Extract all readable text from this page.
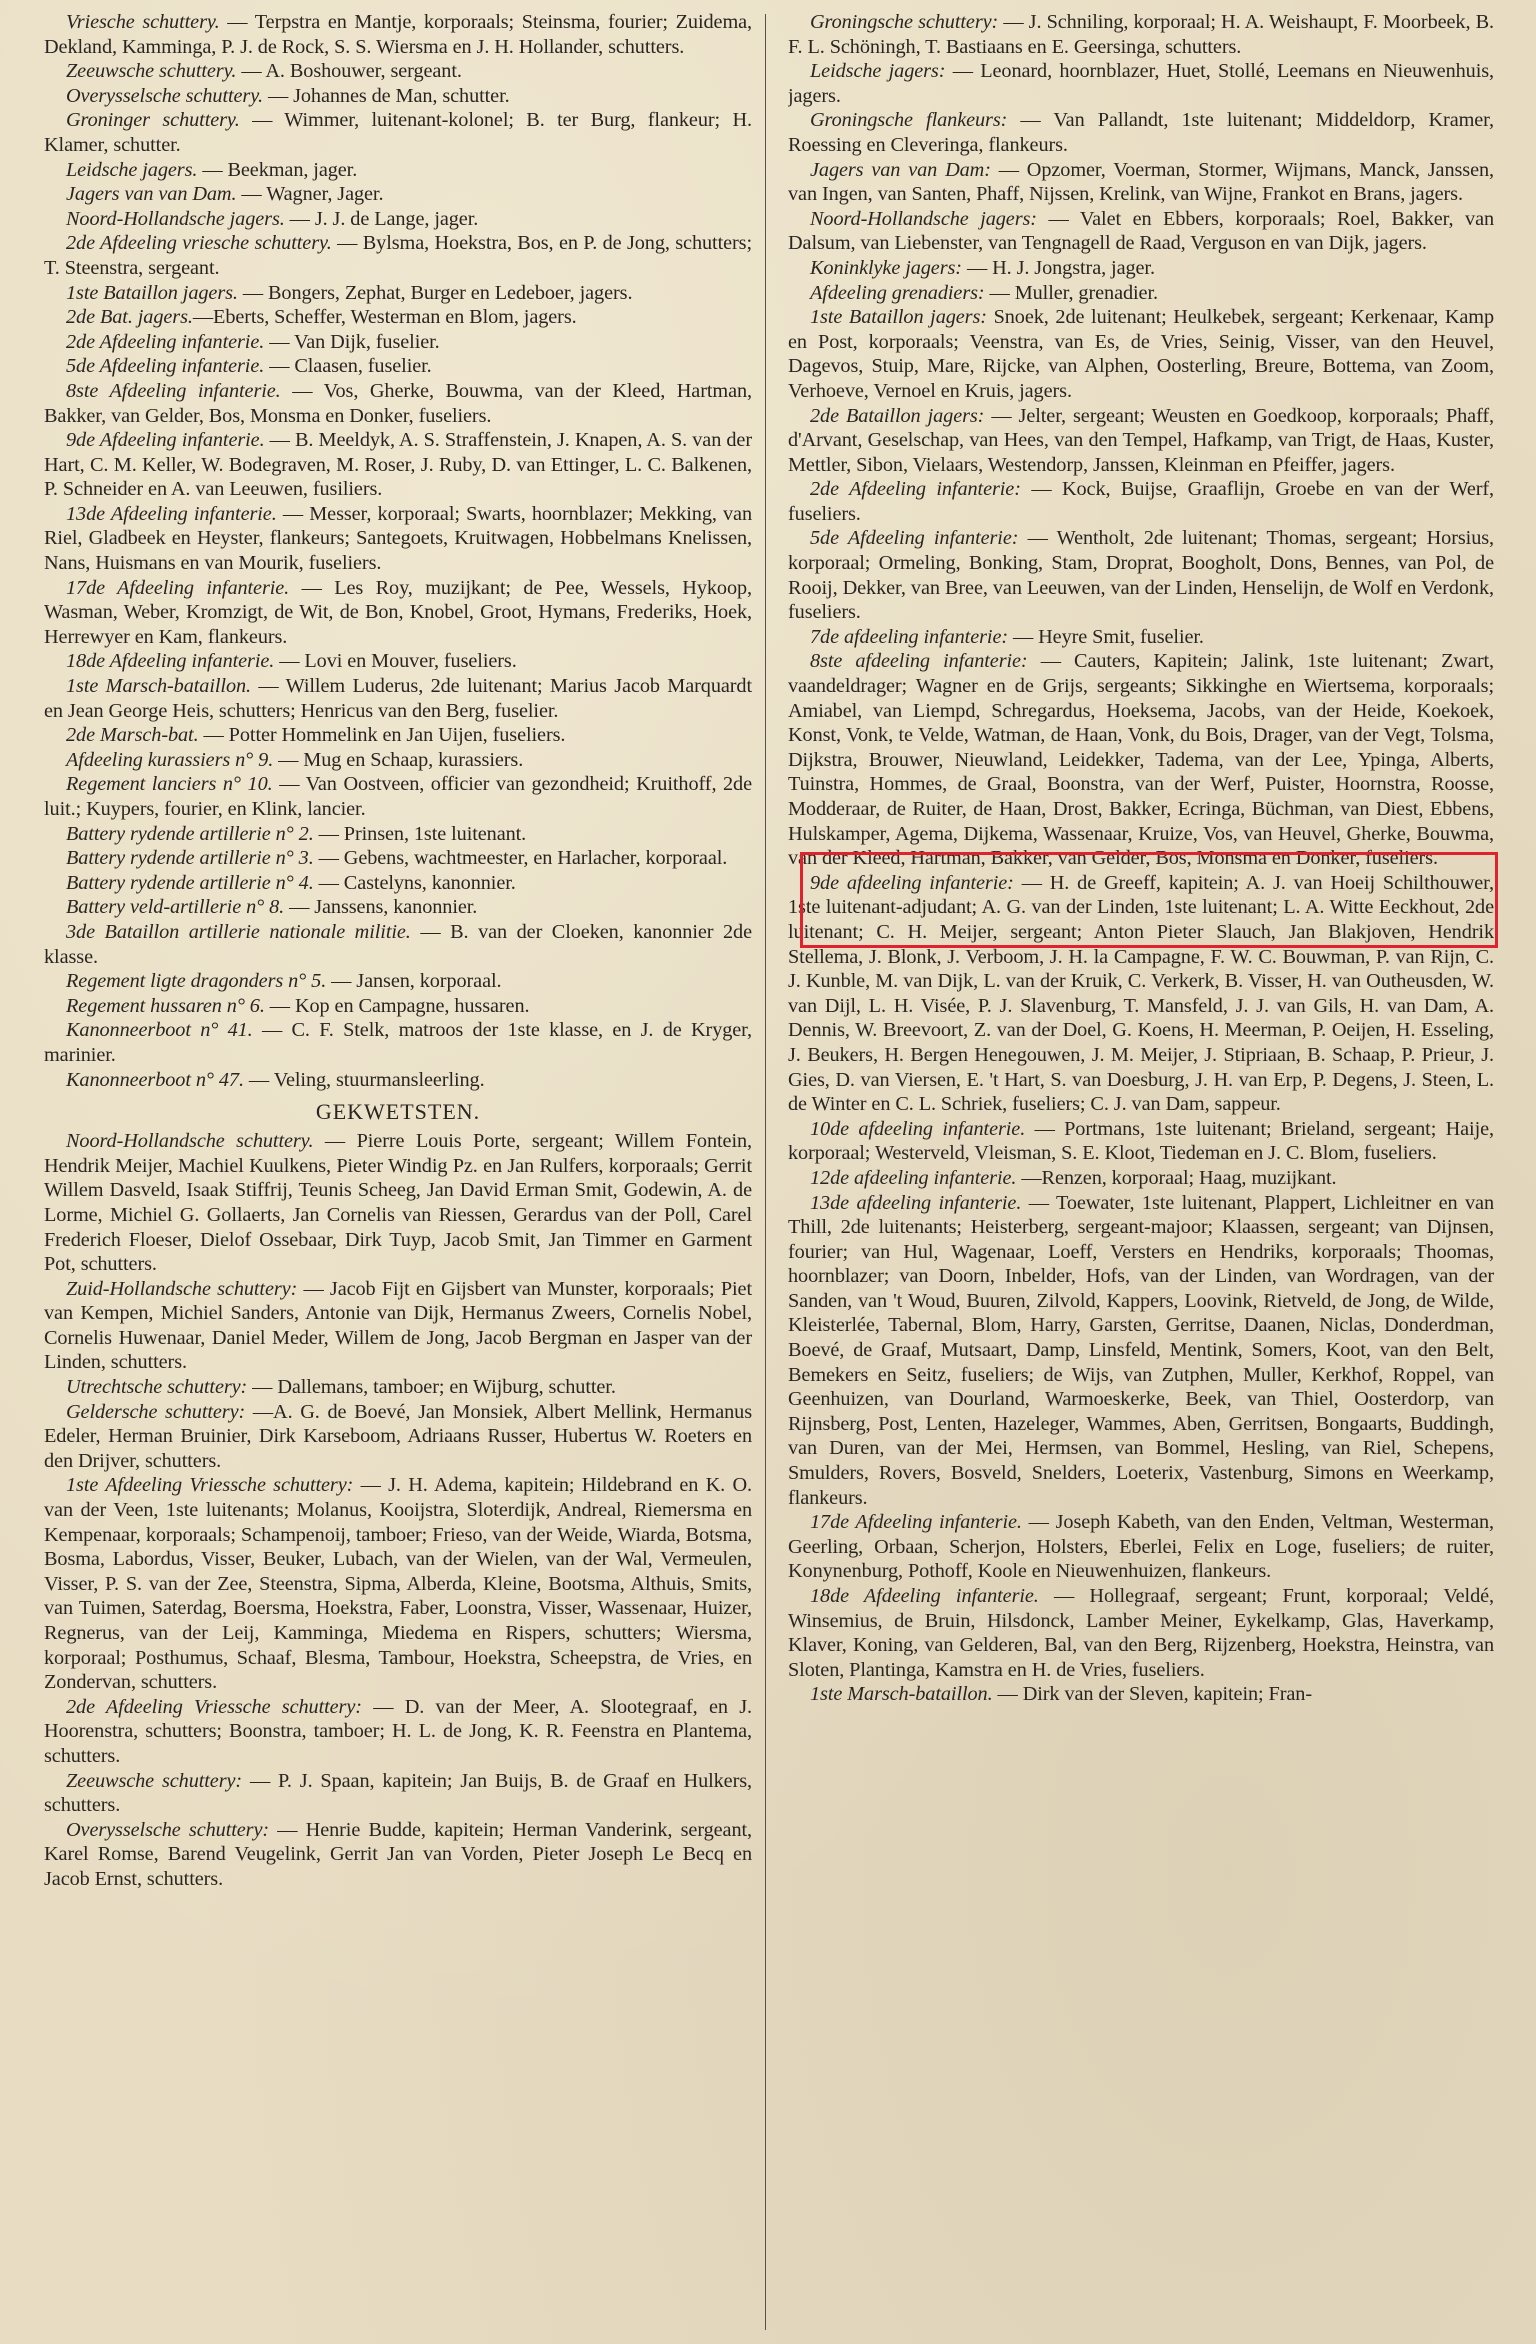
Vriesche schuttery. — Terpstra en Mantje, korporaals; Steinsma, fourier; Zuidema, Dekland, Kamminga, P. J. de Rock, S. S. Wiersma en J. H. Hollander, schutters.

Zeeuwsche schuttery. — A. Boshouwer, sergeant.

Overysselsche schuttery. — Johannes de Man, schutter.

Groninger schuttery. — Wimmer, luitenant-kolonel; B. ter Burg, flankeur; H. Klamer, schutter.

Leidsche jagers. — Beekman, jager.

Jagers van van Dam. — Wagner, Jager.

Noord-Hollandsche jagers. — J. J. de Lange, jager.

2de Afdeeling vriesche schuttery. — Bylsma, Hoekstra, Bos, en P. de Jong, schutters; T. Steenstra, sergeant.

1ste Bataillon jagers. — Bongers, Zephat, Burger en Ledeboer, jagers.

2de Bat. jagers.—Eberts, Scheffer, Westerman en Blom, jagers.

2de Afdeeling infanterie. — Van Dijk, fuselier.

5de Afdeeling infanterie. — Claasen, fuselier.

8ste Afdeeling infanterie. — Vos, Gherke, Bouwma, van der Kleed, Hartman, Bakker, van Gelder, Bos, Monsma en Donker, fuseliers.

9de Afdeeling infanterie. — B. Meeldyk, A. S. Straffenstein, J. Knapen, A. S. van der Hart, C. M. Keller, W. Bodegraven, M. Roser, J. Ruby, D. van Ettinger, L. C. Balkenen, P. Schneider en A. van Leeuwen, fusiliers.

13de Afdeeling infanterie. — Messer, korporaal; Swarts, hoornblazer; Mekking, van Riel, Gladbeek en Heyster, flankeurs; Santegoets, Kruitwagen, Hobbelmans Knelissen, Nans, Huismans en van Mourik, fuseliers.

17de Afdeeling infanterie. — Les Roy, muzijkant; de Pee, Wessels, Hykoop, Wasman, Weber, Kromzigt, de Wit, de Bon, Knobel, Groot, Hymans, Frederiks, Hoek, Herrewyer en Kam, flankeurs.

18de Afdeeling infanterie. — Lovi en Mouver, fuseliers.

1ste Marsch-bataillon. — Willem Luderus, 2de luitenant; Marius Jacob Marquardt en Jean George Heis, schutters; Henricus van den Berg, fuselier.

2de Marsch-bat. — Potter Hommelink en Jan Uijen, fuseliers.

Afdeeling kurassiers n° 9. — Mug en Schaap, kurassiers.

Regement lanciers n° 10. — Van Oostveen, officier van gezondheid; Kruithoff, 2de luit.; Kuypers, fourier, en Klink, lancier.

Battery rydende artillerie n° 2. — Prinsen, 1ste luitenant.

Battery rydende artillerie n° 3. — Gebens, wachtmeester, en Harlacher, korporaal.

Battery rydende artillerie n° 4. — Castelyns, kanonnier.

Battery veld-artillerie n° 8. — Janssens, kanonnier.

3de Bataillon artillerie nationale militie. — B. van der Cloeken, kanonnier 2de klasse.

Regement ligte dragonders n° 5. — Jansen, korporaal.

Regement hussaren n° 6. — Kop en Campagne, hussaren.

Kanonneerboot n° 41. — C. F. Stelk, matroos der 1ste klasse, en J. de Kryger, marinier.

Kanonneerboot n° 47. — Veling, stuurmansleerling.

GEKWETSTEN.

Noord-Hollandsche schuttery. — Pierre Louis Porte, sergeant; Willem Fontein, Hendrik Meijer, Machiel Kuulkens, Pieter Windig Pz. en Jan Rulfers, korporaals; Gerrit Willem Dasveld, Isaak Stiffrij, Teunis Scheeg, Jan David Erman Smit, Godewin, A. de Lorme, Michiel G. Gollaerts, Jan Cornelis van Riessen, Gerardus van der Poll, Carel Frederich Floeser, Dielof Ossebaar, Dirk Tuyp, Jacob Smit, Jan Timmer en Garment Pot, schutters.

Zuid-Hollandsche schuttery: — Jacob Fijt en Gijsbert van Munster, korporaals; Piet van Kempen, Michiel Sanders, Antonie van Dijk, Hermanus Zweers, Cornelis Nobel, Cornelis Huwenaar, Daniel Meder, Willem de Jong, Jacob Bergman en Jasper van der Linden, schutters.

Utrechtsche schuttery: — Dallemans, tamboer; en Wijburg, schutter.

Geldersche schuttery: —A. G. de Boevé, Jan Monsiek, Albert Mellink, Hermanus Edeler, Herman Bruinier, Dirk Karseboom, Adriaans Russer, Hubertus W. Roeters en den Drijver, schutters.

1ste Afdeeling Vriessche schuttery: — J. H. Adema, kapitein; Hildebrand en K. O. van der Veen, 1ste luitenants; Molanus, Kooijstra, Sloterdijk, Andreal, Riemersma en Kempenaar, korporaals; Schampenoij, tamboer; Frieso, van der Weide, Wiarda, Botsma, Bosma, Labordus, Visser, Beuker, Lubach, van der Wielen, van der Wal, Vermeulen, Visser, P. S. van der Zee, Steenstra, Sipma, Alberda, Kleine, Bootsma, Althuis, Smits, van Tuimen, Saterdag, Boersma, Hoekstra, Faber, Loonstra, Visser, Wassenaar, Huizer, Regnerus, van der Leij, Kamminga, Miedema en Rispers, schutters; Wiersma, korporaal; Posthumus, Schaaf, Blesma, Tambour, Hoekstra, Scheepstra, de Vries, en Zondervan, schutters.

2de Afdeeling Vriessche schuttery: — D. van der Meer, A. Slootegraaf, en J. Hoorenstra, schutters; Boonstra, tamboer; H. L. de Jong, K. R. Feenstra en Plantema, schutters.

Zeeuwsche schuttery: — P. J. Spaan, kapitein; Jan Buijs, B. de Graaf en Hulkers, schutters.

Overysselsche schuttery: — Henrie Budde, kapitein; Herman Vanderink, sergeant, Karel Romse, Barend Veugelink, Gerrit Jan van Vorden, Pieter Joseph Le Becq en Jacob Ernst, schutters.

Groningsche schuttery: — J. Schniling, korporaal; H. A. Weishaupt, F. Moorbeek, B. F. L. Schöningh, T. Bastiaans en E. Geersinga, schutters.

Leidsche jagers: — Leonard, hoornblazer, Huet, Stollé, Leemans en Nieuwenhuis, jagers.

Groningsche flankeurs: — Van Pallandt, 1ste luitenant; Middeldorp, Kramer, Roessing en Cleveringa, flankeurs.

Jagers van van Dam: — Opzomer, Voerman, Stormer, Wijmans, Manck, Janssen, van Ingen, van Santen, Phaff, Nijssen, Krelink, van Wijne, Frankot en Brans, jagers.

Noord-Hollandsche jagers: — Valet en Ebbers, korporaals; Roel, Bakker, van Dalsum, van Liebenster, van Tengnagell de Raad, Verguson en van Dijk, jagers.

Koninklyke jagers: — H. J. Jongstra, jager.

Afdeeling grenadiers: — Muller, grenadier.

1ste Bataillon jagers: Snoek, 2de luitenant; Heulkebek, sergeant; Kerkenaar, Kamp en Post, korporaals; Veenstra, van Es, de Vries, Seinig, Visser, van den Heuvel, Dagevos, Stuip, Mare, Rijcke, van Alphen, Oosterling, Breure, Bottema, van Zoom, Verhoeve, Vernoel en Kruis, jagers.

2de Bataillon jagers: — Jelter, sergeant; Weusten en Goedkoop, korporaals; Phaff, d'Arvant, Geselschap, van Hees, van den Tempel, Hafkamp, van Trigt, de Haas, Kuster, Mettler, Sibon, Vielaars, Westendorp, Janssen, Kleinman en Pfeiffer, jagers.

2de Afdeeling infanterie: — Kock, Buijse, Graaflijn, Groebe en van der Werf, fuseliers.

5de Afdeeling infanterie: — Wentholt, 2de luitenant; Thomas, sergeant; Horsius, korporaal; Ormeling, Bonking, Stam, Droprat, Boogholt, Dons, Bennes, van Pol, de Rooij, Dekker, van Bree, van Leeuwen, van der Linden, Henselijn, de Wolf en Verdonk, fuseliers.

7de afdeeling infanterie: — Heyre Smit, fuselier.

8ste afdeeling infanterie: — Cauters, Kapitein; Jalink, 1ste luitenant; Zwart, vaandeldrager; Wagner en de Grijs, sergeants; Sikkinghe en Wiertsema, korporaals; Amiabel, van Liempd, Schregardus, Hoeksema, Jacobs, van der Heide, Koekoek, Konst, Vonk, te Velde, Watman, de Haan, Vonk, du Bois, Drager, van der Vegt, Tolsma, Dijkstra, Brouwer, Nieuwland, Leidekker, Tadema, van der Lee, Ypinga, Alberts, Tuinstra, Hommes, de Graal, Boonstra, van der Werf, Puister, Hoornstra, Roosse, Modderaar, de Ruiter, de Haan, Drost, Bakker, Ecringa, Büchman, van Diest, Ebbens, Hulskamper, Agema, Dijkema, Wassenaar, Kruize, Vos, van Heuvel, Gherke, Bouwma, van der Kleed, Hartman, Bakker, van Gelder, Bos, Monsma en Donker, fuseliers.

9de afdeeling infanterie: — H. de Greeff, kapitein; A. J. van Hoeij Schilthouwer, 1ste luitenant-adjudant; A. G. van der Linden, 1ste luitenant; L. A. Witte Eeckhout, 2de luitenant; C. H. Meijer, sergeant; Anton Pieter Slauch, Jan Blakjoven, Hendrik Stellema, J. Blonk, J. Verboom, J. H. la Campagne, F. W. C. Bouwman, P. van Rijn, C. J. Kunble, M. van Dijk, L. van der Kruik, C. Verkerk, B. Visser, H. van Outheusden, W. van Dijl, L. H. Visée, P. J. Slavenburg, T. Mansfeld, J. J. van Gils, H. van Dam, A. Dennis, W. Breevoort, Z. van der Doel, G. Koens, H. Meerman, P. Oeijen, H. Esseling, J. Beukers, H. Bergen Henegouwen, J. M. Meijer, J. Stipriaan, B. Schaap, P. Prieur, J. Gies, D. van Viersen, E. 't Hart, S. van Doesburg, J. H. van Erp, P. Degens, J. Steen, L. de Winter en C. L. Schriek, fuseliers; C. J. van Dam, sappeur.

10de afdeeling infanterie. — Portmans, 1ste luitenant; Brieland, sergeant; Haije, korporaal; Westerveld, Vleisman, S. E. Kloot, Tiedeman en J. C. Blom, fuseliers.

12de afdeeling infanterie. —Renzen, korporaal; Haag, muzijkant.

13de afdeeling infanterie. — Toewater, 1ste luitenant, Plappert, Lichleitner en van Thill, 2de luitenants; Heisterberg, sergeant-majoor; Klaassen, sergeant; van Dijnsen, fourier; van Hul, Wagenaar, Loeff, Versters en Hendriks, korporaals; Thoomas, hoornblazer; van Doorn, Inbelder, Hofs, van der Linden, van Wordragen, van der Sanden, van 't Woud, Buuren, Zilvold, Kappers, Loovink, Rietveld, de Jong, de Wilde, Kleisterlée, Tabernal, Blom, Harry, Garsten, Gerritse, Daanen, Niclas, Donderdman, Boevé, de Graaf, Mutsaart, Damp, Linsfeld, Mentink, Somers, Koot, van den Belt, Bemekers en Seitz, fuseliers; de Wijs, van Zutphen, Muller, Kerkhof, Roppel, van Geenhuizen, van Dourland, Warmoeskerke, Beek, van Thiel, Oosterdorp, van Rijnsberg, Post, Lenten, Hazeleger, Wammes, Aben, Gerritsen, Bongaarts, Buddingh, van Duren, van der Mei, Hermsen, van Bommel, Hesling, van Riel, Schepens, Smulders, Rovers, Bosveld, Snelders, Loeterix, Vastenburg, Simons en Weerkamp, flankeurs.

17de Afdeeling infanterie. — Joseph Kabeth, van den Enden, Veltman, Westerman, Geerling, Orbaan, Scherjon, Holsters, Eberlei, Felix en Loge, fuseliers; de ruiter, Konynenburg, Pothoff, Koole en Nieuwenhuizen, flankeurs.

18de Afdeeling infanterie. — Hollegraaf, sergeant; Frunt, korporaal; Veldé, Winsemius, de Bruin, Hilsdonck, Lamber Meiner, Eykelkamp, Glas, Haverkamp, Klaver, Koning, van Gelderen, Bal, van den Berg, Rijzenberg, Hoekstra, Heinstra, van Sloten, Plantinga, Kamstra en H. de Vries, fuseliers.

1ste Marsch-bataillon. — Dirk van der Sleven, kapitein; Fran-
